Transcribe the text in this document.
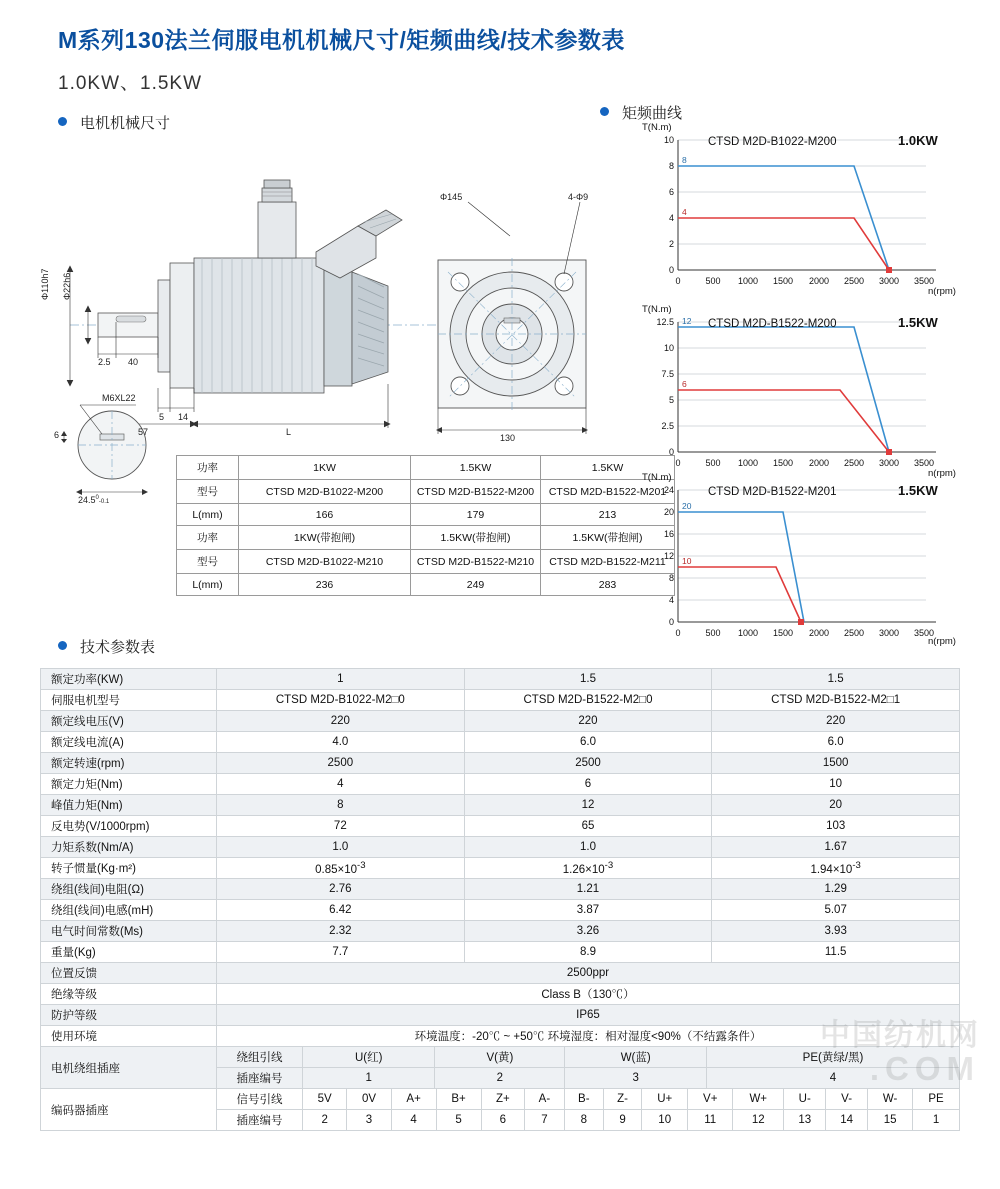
M系列130法兰伺服电机机械尺寸/矩频曲线/技术参数表
1.0KW、1.5KW
电机机械尺寸
矩频曲线
技术参数表
Φ110h7 Φ22h6
2.5 40
5 14
57	L
Φ145	4-Φ9
130
M6XL22
6
24.5$^0$-0.1
功率	1KW	1.5KW	1.5KW
型号	CTSD M2D-B1022-M200	CTSD M2D-B1522-M200	CTSD M2D-B1522-M201
L(mm)	166	179	213
功率	1KW(带抱闸)	1.5KW(带抱闸)	1.5KW(带抱闸)
型号	CTSD M2D-B1022-M210	CTSD M2D-B1522-M210	CTSD M2D-B1522-M211
L(mm)	236	249	283
CTSD M2D-B1022-M200	1.0KW
T(N.m)
n(rpm)
10
8
6
4
2
0
0	500 1000 1500 2000 2500 3000 3500
8
4
CTSD M2D-B1522-M200	1.5KW
T(N.m)
n(rpm)
12.5
10
7.5
5
2.5
0
0	500 1000 1500 2000 2500 3000 3500
12
6
CTSD M2D-B1522-M201	1.5KW
T(N.m)
n(rpm)
24
20
16
12
8
4
0
0	500 1000 1500 2000 2500 3000 3500
20
10
额定功率(KW)	1	1.5	1.5
伺服电机型号	CTSD M2D-B1022-M2□0	CTSD M2D-B1522-M2□0	CTSD M2D-B1522-M2□1
额定线电压(V)	220	220	220
额定线电流(A)	4.0	6.0	6.0
额定转速(rpm)	2500	2500	1500
额定力矩(Nm)	4	6	10
峰值力矩(Nm)	8	12	20
反电势(V/1000rpm)	72	65	103
力矩系数(Nm/A)	1.0	1.0	1.67
转子惯量(Kg·m²)	$0.85\times 10^{-3}$	$1.26\times 10^{-3}$	$1.94\times 10^{-3}$
绕组(线间)电阻(Ω)	2.76	1.21	1.29
绕组(线间)电感(mH)	6.42	3.87	5.07
电气时间常数(Ms)	2.32	3.26	3.93
重量(Kg)	7.7	8.9	11.5
位置反馈	2500ppr		
绝缘等级	Class B（130℃）		
防护等级	IP65		
使用环境	环境温度：-20℃ ~ +50℃ 环境湿度：相对湿度<90%（不结露条件）		
电机绕组插座	绕组引线	U(红)	V(黄)	W(蓝)	PE(黄绿/黑)
	插座编号	1	2	3	4
编码器插座	信号引线	5V	0V	A+	B+	Z+	A-	B-	Z-	U+	V+	W+	U-	V-	W-	PE
	插座编号	2	3	4	5	6	7	8	9	10	11	12	13	14	15	1
中国纺机网
.COM
